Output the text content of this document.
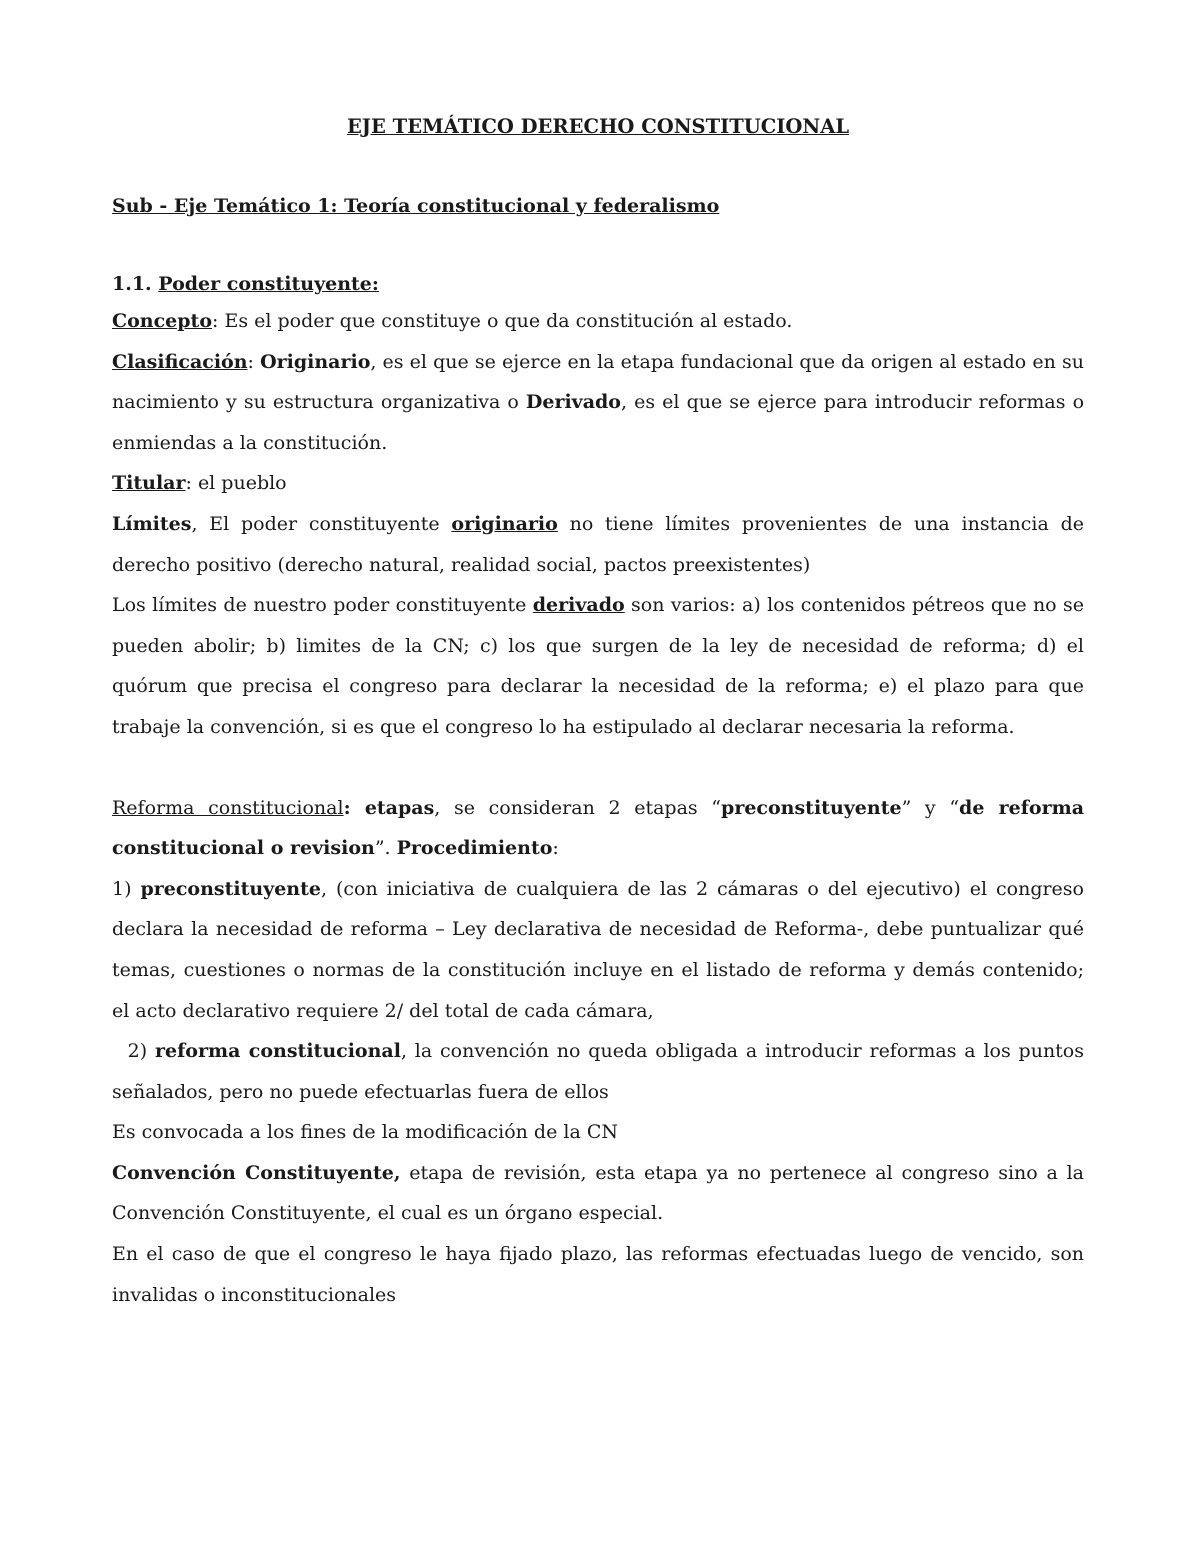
EJE TEMÁTICO DERECHO CONSTITUCIONAL

Sub - Eje Temático 1: Teoría constitucional y federalismo

1.1. Poder constituyente:

Concepto: Es el poder que constituye o que da constitución al estado.

Clasificación: Originario, es el que se ejerce en la etapa fundacional que da origen al estado en su nacimiento y su estructura organizativa o Derivado, es el que se ejerce para introducir reformas o enmiendas a la constitución.

Titular: el pueblo

Límites, El poder constituyente originario no tiene límites provenientes de una instancia de derecho positivo (derecho natural, realidad social, pactos preexistentes)

Los límites de nuestro poder constituyente derivado son varios: a) los contenidos pétreos que no se pueden abolir; b) limites de la CN; c) los que surgen de la ley de necesidad de reforma; d) el quórum que precisa el congreso para declarar la necesidad de la reforma; e) el plazo para que trabaje la convención, si es que el congreso lo ha estipulado al declarar necesaria la reforma.

Reforma constitucional: etapas, se consideran 2 etapas “preconstituyente” y “de reforma constitucional o revision”. Procedimiento:

1) preconstituyente, (con iniciativa de cualquiera de las 2 cámaras o del ejecutivo) el congreso declara la necesidad de reforma – Ley declarativa de necesidad de Reforma-, debe puntualizar qué temas, cuestiones o normas de la constitución incluye en el listado de reforma y demás contenido; el acto declarativo requiere 2/ del total de cada cámara,

2) reforma constitucional, la convención no queda obligada a introducir reformas a los puntos señalados, pero no puede efectuarlas fuera de ellos

Es convocada a los fines de la modificación de la CN

Convención Constituyente, etapa de revisión, esta etapa ya no pertenece al congreso sino a la Convención Constituyente, el cual es un órgano especial.

En el caso de que el congreso le haya fijado plazo, las reformas efectuadas luego de vencido, son invalidas o inconstitucionales
